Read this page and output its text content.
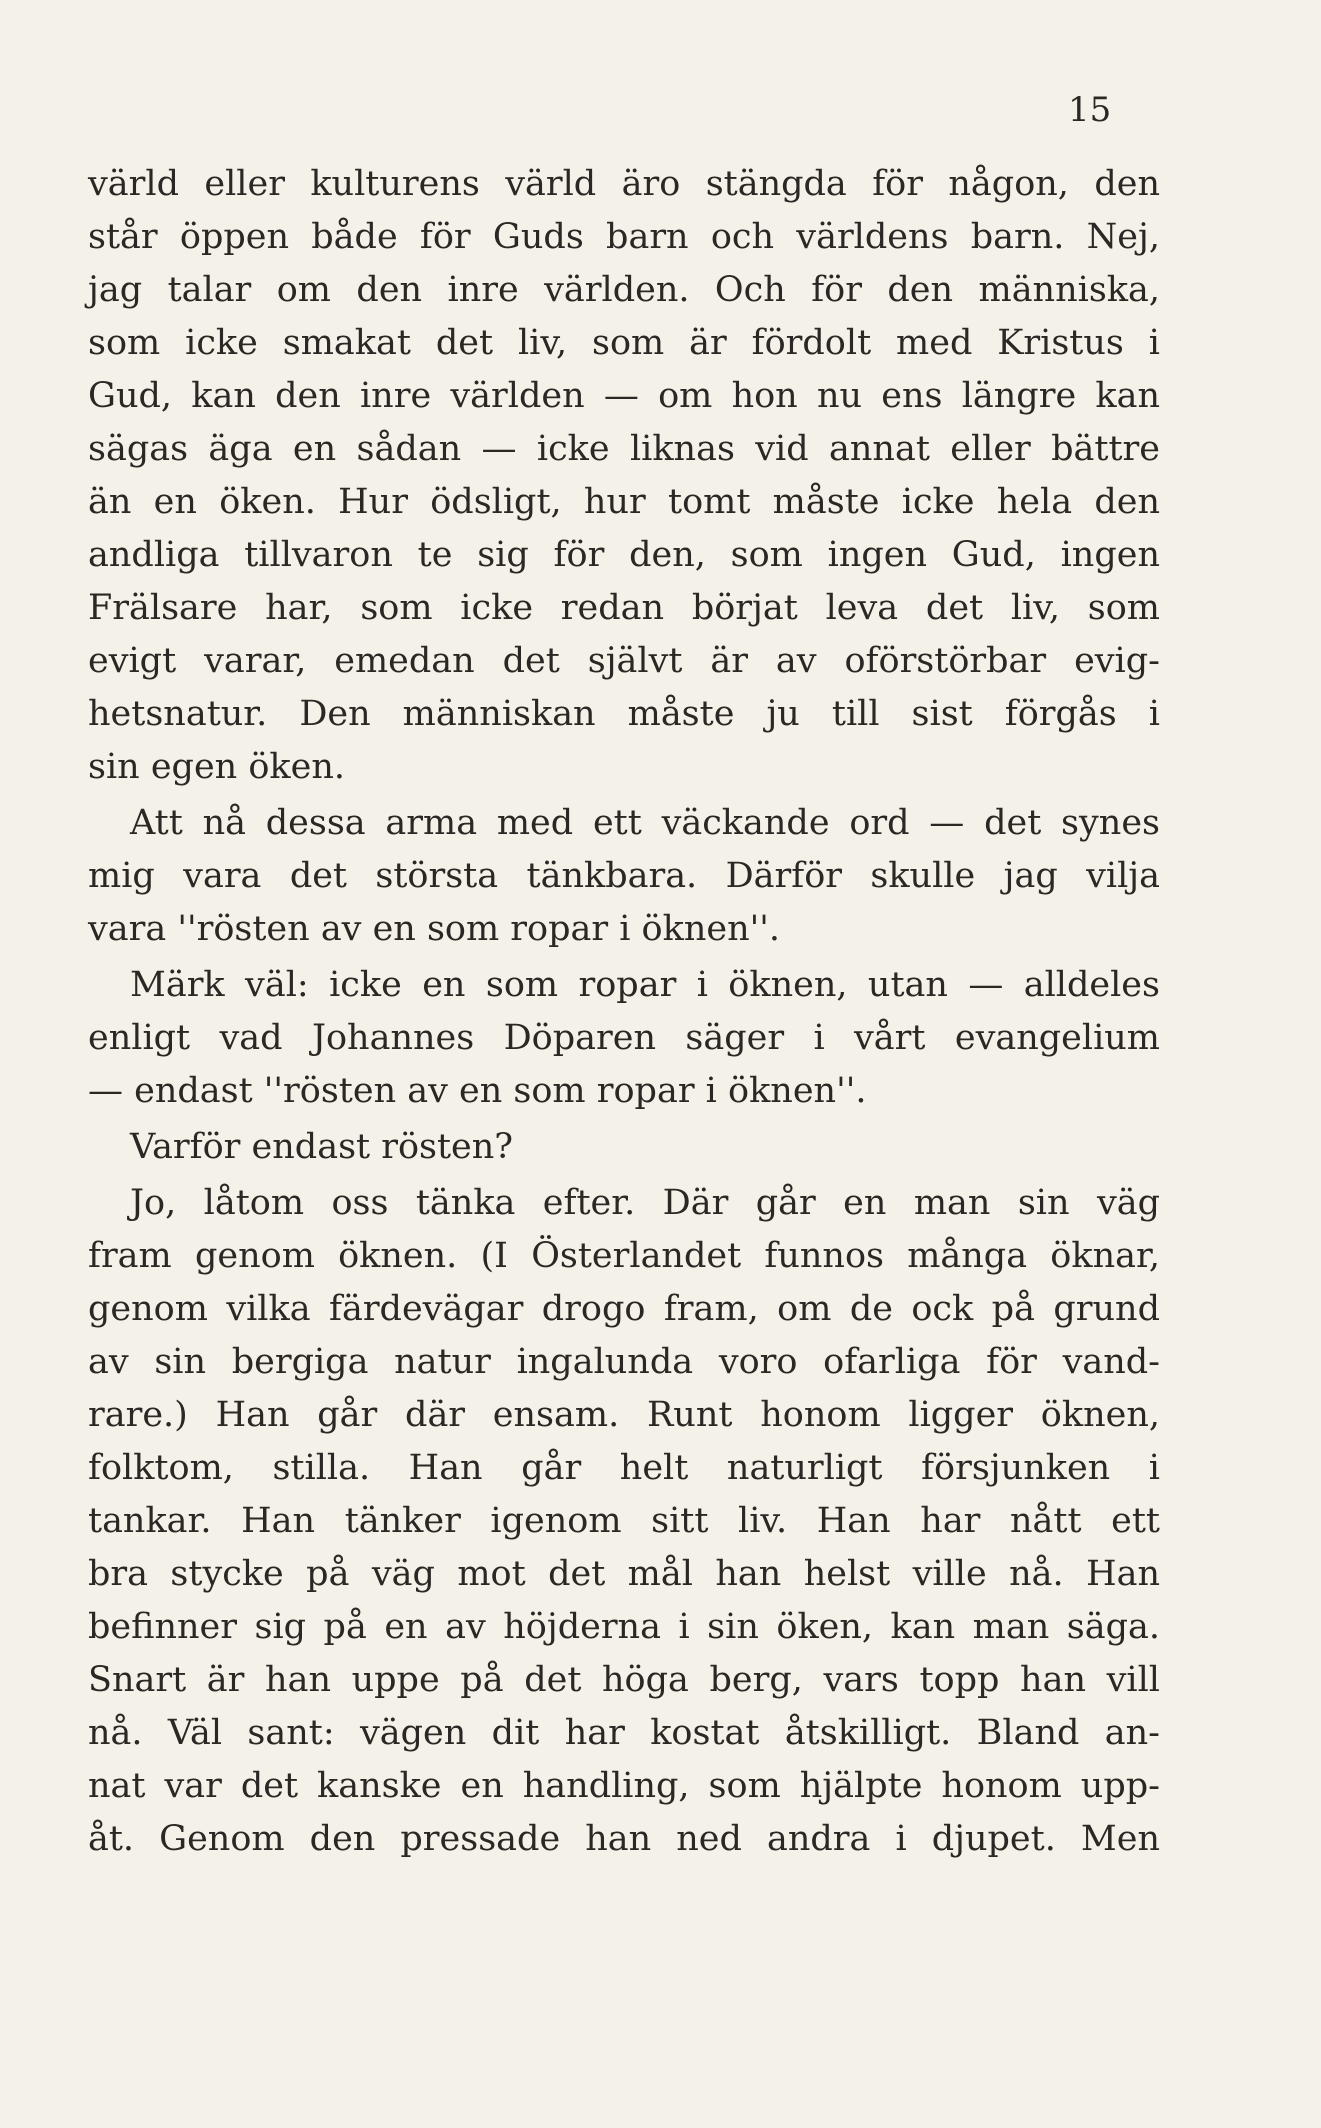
15
värld eller kulturens värld äro stängda för någon, den
står öppen både för Guds barn och världens barn. Nej,
jag talar om den inre världen. Och för den människa,
som icke smakat det liv, som är fördolt med Kristus i
Gud, kan den inre världen — om hon nu ens längre kan
sägas äga en sådan — icke liknas vid annat eller bättre
än en öken. Hur ödsligt, hur tomt måste icke hela den
andliga tillvaron te sig för den, som ingen Gud, ingen
Frälsare har, som icke redan börjat leva det liv, som
evigt varar, emedan det självt är av oförstörbar evig-
hetsnatur. Den människan måste ju till sist förgås i
sin egen öken.
Att nå dessa arma med ett väckande ord — det synes
mig vara det största tänkbara. Därför skulle jag vilja
vara ''rösten av en som ropar i öknen''.
Märk väl: icke en som ropar i öknen, utan — alldeles
enligt vad Johannes Döparen säger i vårt evangelium
— endast ''rösten av en som ropar i öknen''.
Varför endast rösten?
Jo, låtom oss tänka efter. Där går en man sin väg
fram genom öknen. (I Österlandet funnos många öknar,
genom vilka färdevägar drogo fram, om de ock på grund
av sin bergiga natur ingalunda voro ofarliga för vand-
rare.) Han går där ensam. Runt honom ligger öknen,
folktom, stilla. Han går helt naturligt försjunken i
tankar. Han tänker igenom sitt liv. Han har nått ett
bra stycke på väg mot det mål han helst ville nå. Han
befinner sig på en av höjderna i sin öken, kan man säga.
Snart är han uppe på det höga berg, vars topp han vill
nå. Väl sant: vägen dit har kostat åtskilligt. Bland an-
nat var det kanske en handling, som hjälpte honom upp-
åt. Genom den pressade han ned andra i djupet. Men
